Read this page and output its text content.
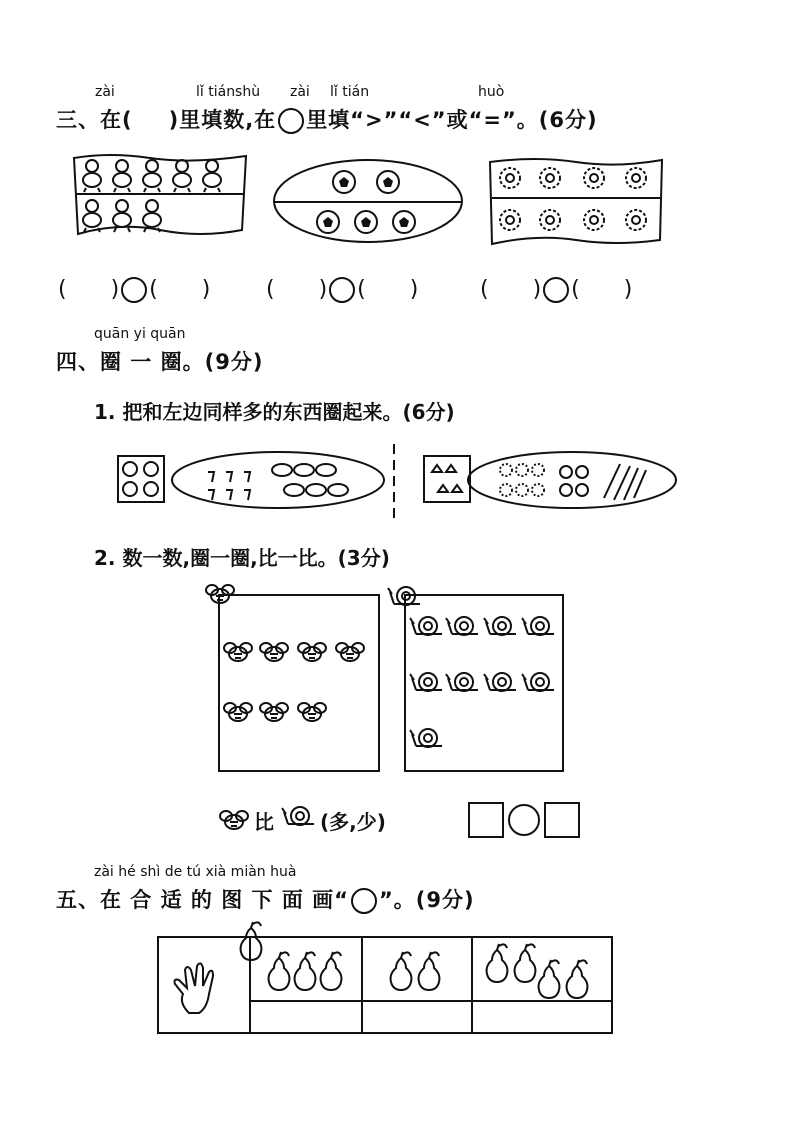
zài	lǐ tiánshù zài lǐ tián	huò
三、在( )里填数,在 里填“>”“<”或“=”。(6分)
(　　) (　　)	(　　) (　　)	(　　) (　　)
quān yi quān
四、圈 一 圈。(9分)
1. 把和左边同样多的东西圈起来。(6分)
2. 数一数,圈一圈,比一比。(3分)
比 (多,少)
zài hé shì de tú xià miàn huà
五、在 合 适 的 图 下 面 画“ ”。(9分)
